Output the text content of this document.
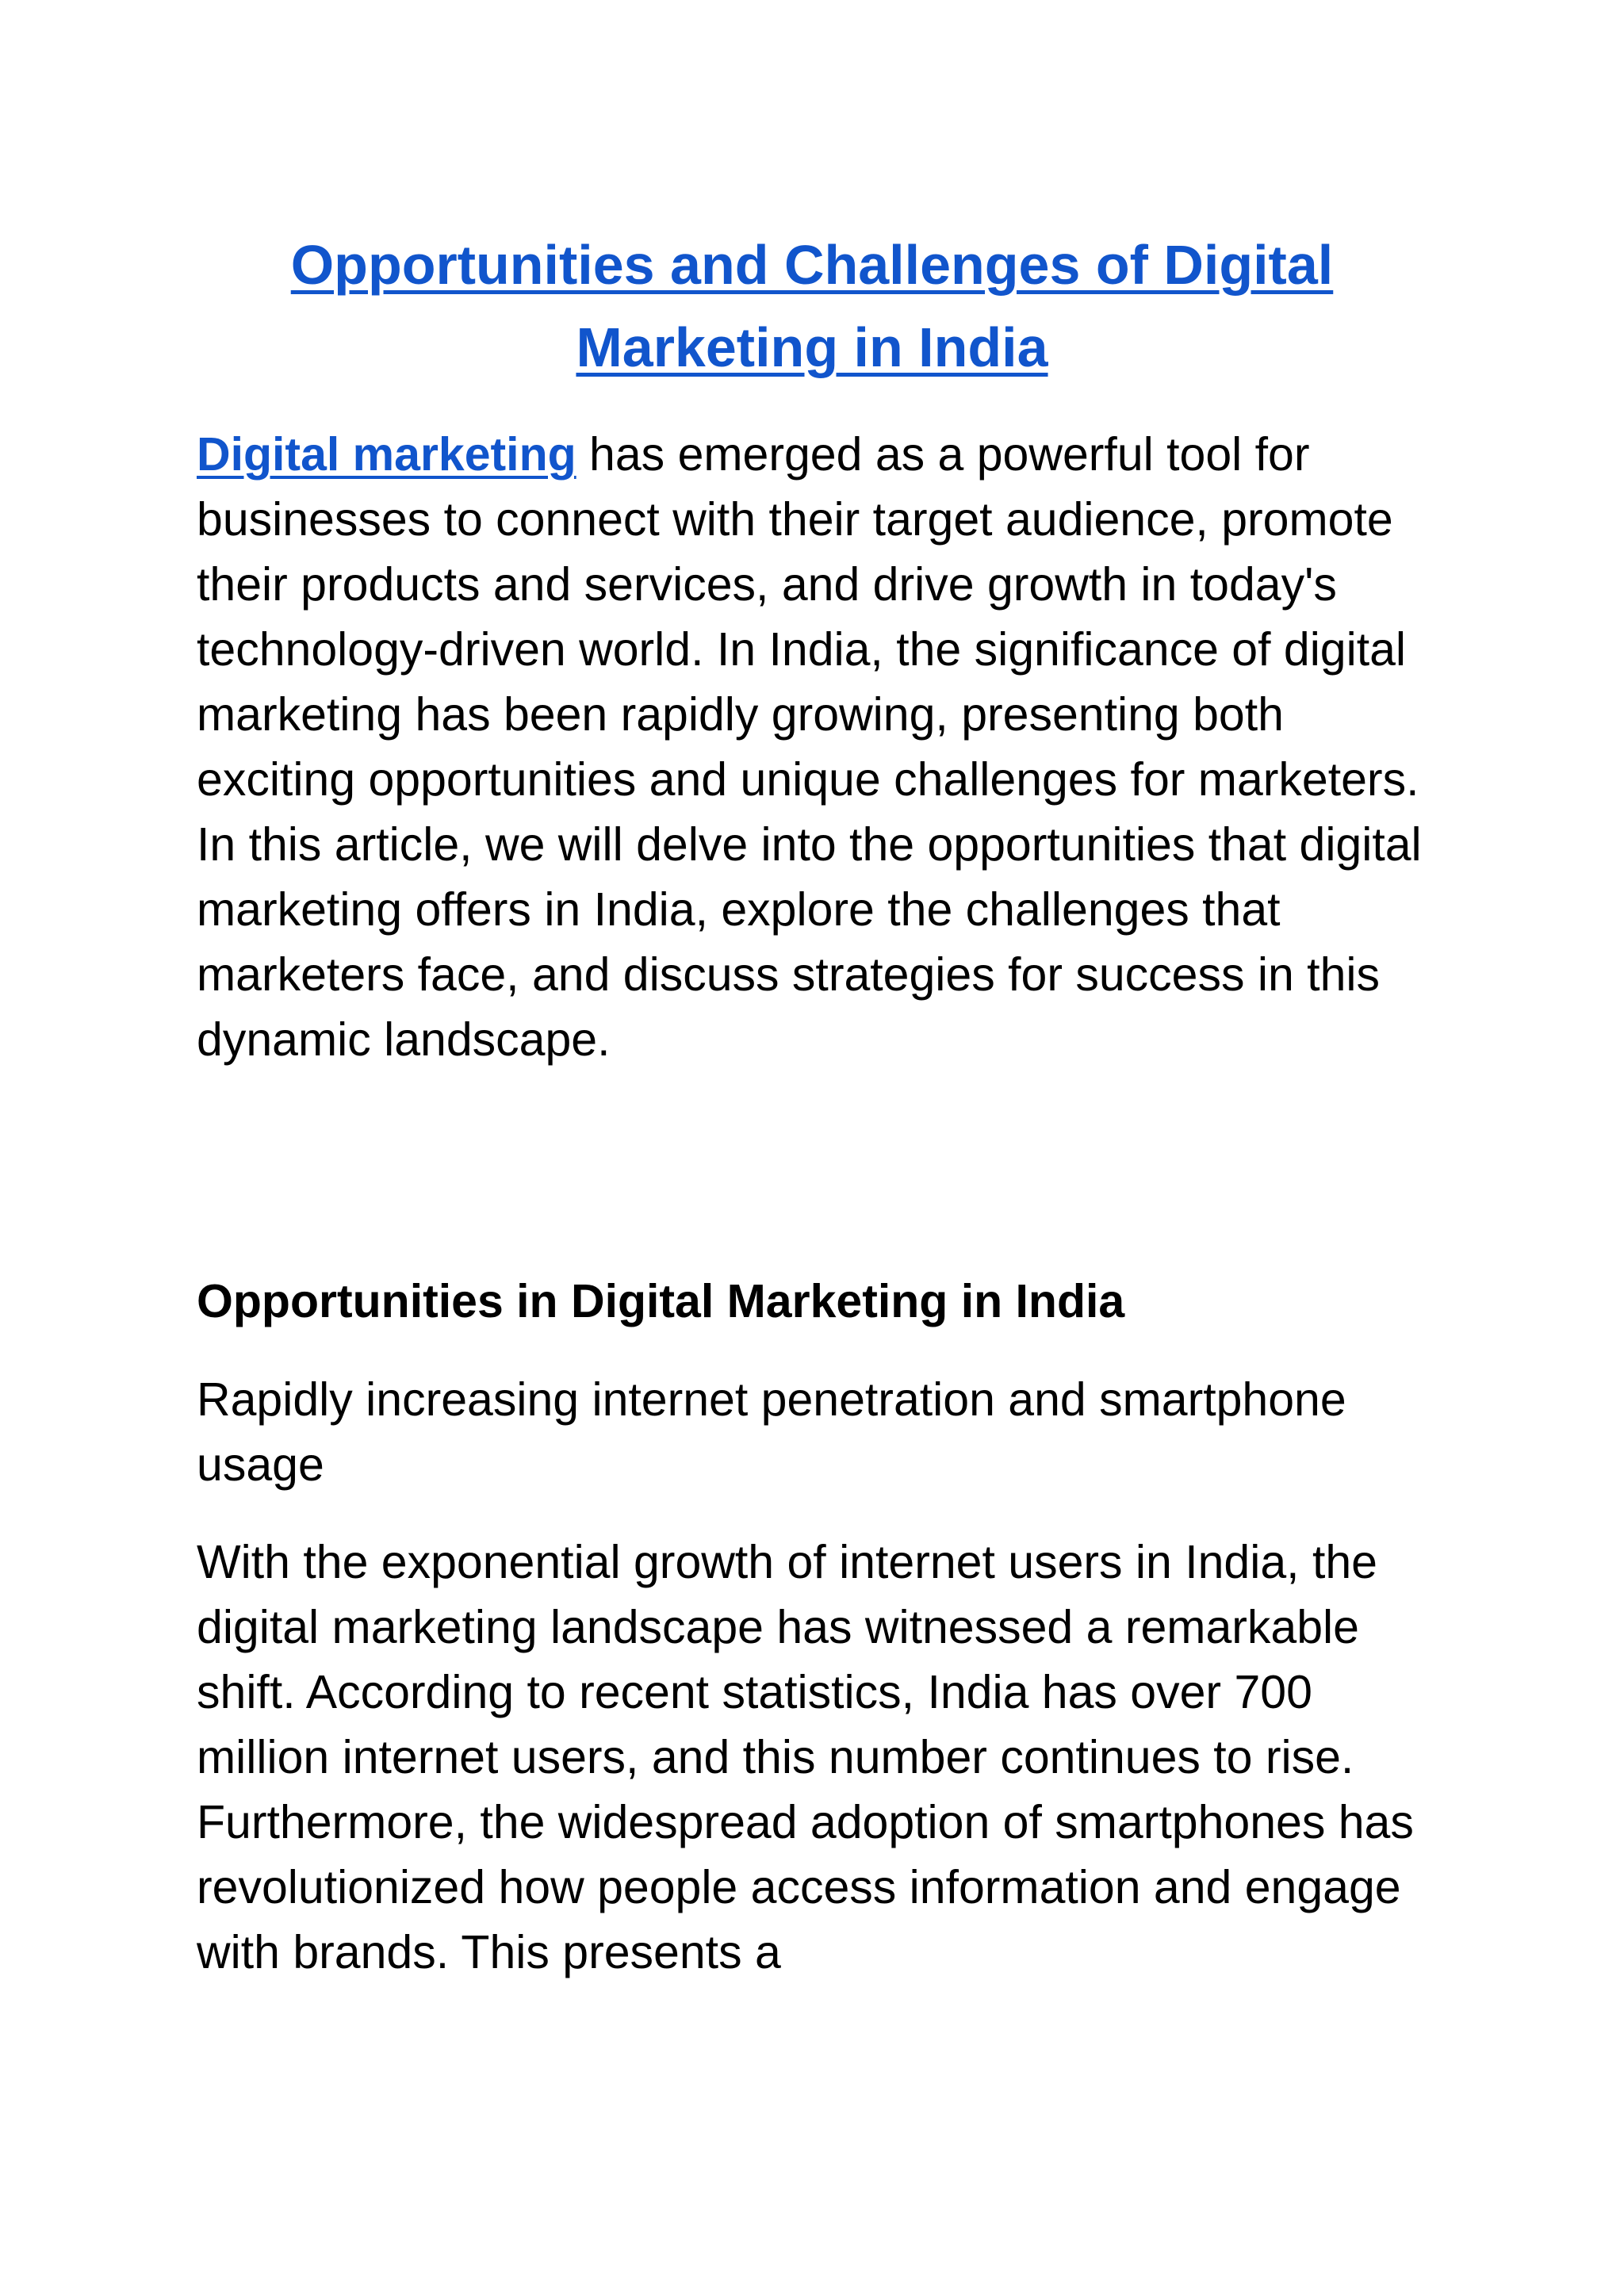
Opportunities and Challenges of Digital Marketing in India

Digital marketing has emerged as a powerful tool for businesses to connect with their target audience, promote their products and services, and drive growth in today's technology-driven world. In India, the significance of digital marketing has been rapidly growing, presenting both exciting opportunities and unique challenges for marketers. In this article, we will delve into the opportunities that digital marketing offers in India, explore the challenges that marketers face, and discuss strategies for success in this dynamic landscape.

Opportunities in Digital Marketing in India

Rapidly increasing internet penetration and smartphone usage

With the exponential growth of internet users in India, the digital marketing landscape has witnessed a remarkable shift. According to recent statistics, India has over 700 million internet users, and this number continues to rise. Furthermore, the widespread adoption of smartphones has revolutionized how people access information and engage with brands. This presents a
